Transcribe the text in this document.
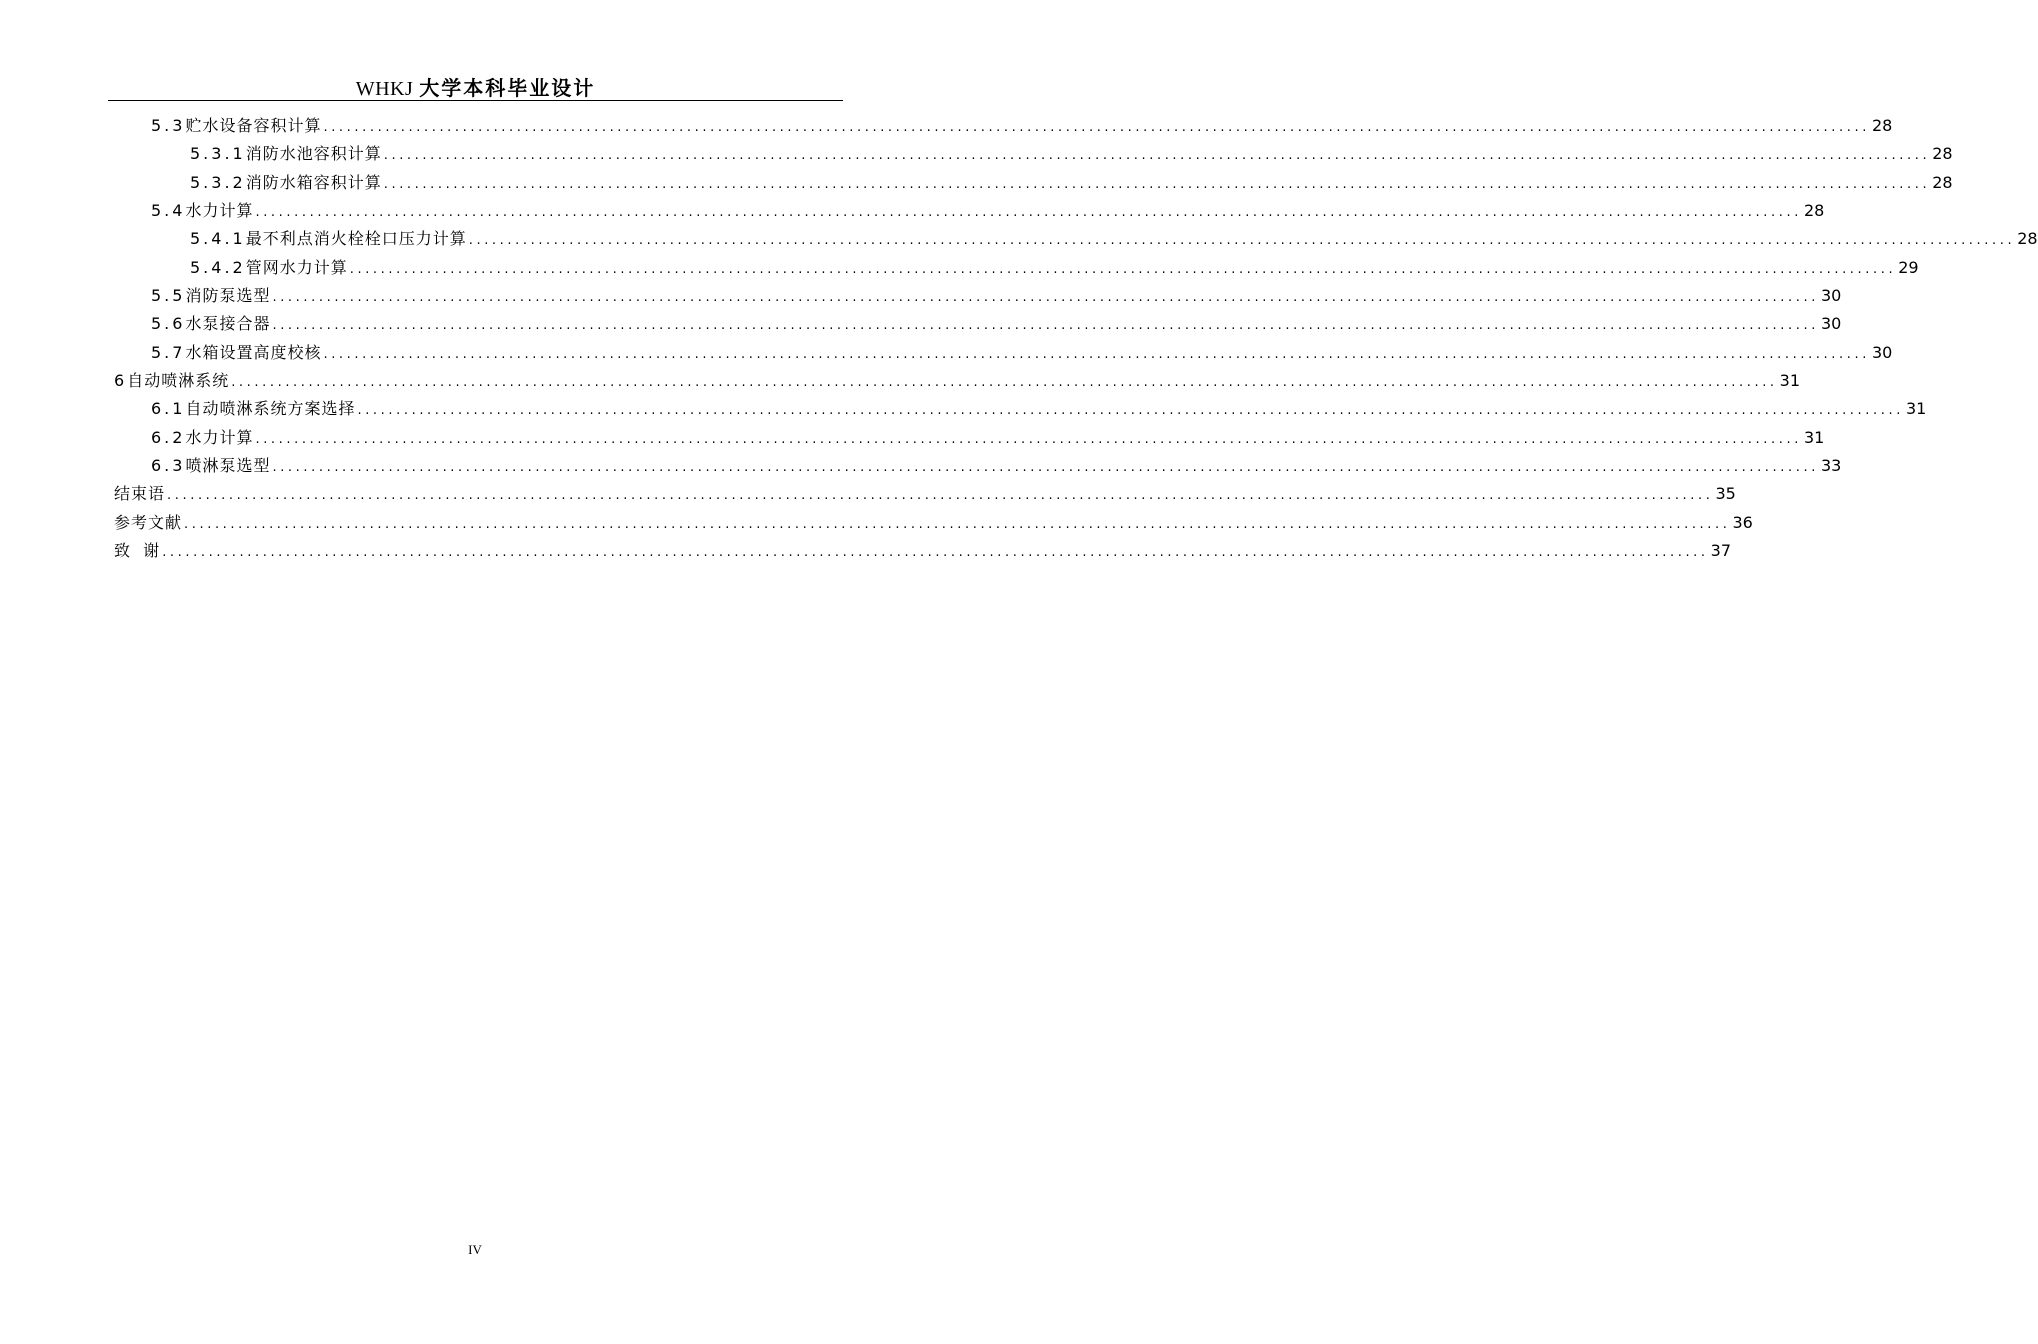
WHKJ 大学本科毕业设计
5.3 贮水设备容积计算 ........................................................................................................................................................................................................ 28
5.3.1 消防水池容积计算 ........................................................................................................................................................................................................ 28
5.3.2 消防水箱容积计算 ........................................................................................................................................................................................................ 28
5.4 水力计算 ........................................................................................................................................................................................................ 28
5.4.1 最不利点消火栓栓口压力计算 ........................................................................................................................................................................................................ 28
5.4.2 管网水力计算 ........................................................................................................................................................................................................ 29
5.5 消防泵选型 ........................................................................................................................................................................................................ 30
5.6 水泵接合器 ........................................................................................................................................................................................................ 30
5.7 水箱设置高度校核 ........................................................................................................................................................................................................ 30
6 自动喷淋系统 ........................................................................................................................................................................................................ 31
6.1 自动喷淋系统方案选择 ........................................................................................................................................................................................................ 31
6.2 水力计算 ........................................................................................................................................................................................................ 31
6.3 喷淋泵选型 ........................................................................................................................................................................................................ 33
结束语 ........................................................................................................................................................................................................ 35
参考文献 ........................................................................................................................................................................................................ 36
致  谢 ........................................................................................................................................................................................................ 37
IV
